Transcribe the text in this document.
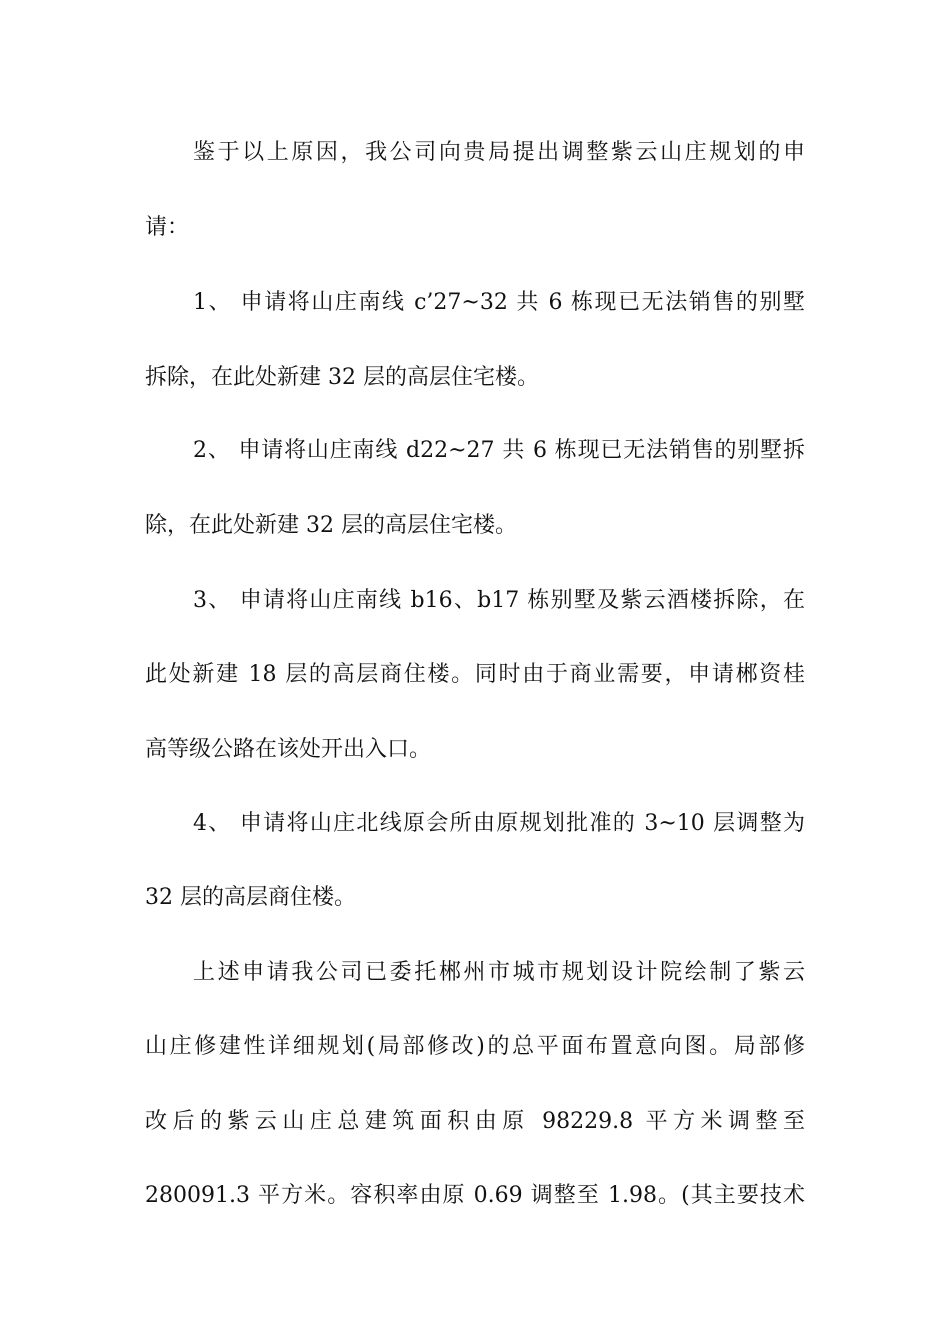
鉴于以上原因，我公司向贵局提出调整紫云山庄规划的申
请：
1、 申请将山庄南线 c’27~32 共 6 栋现已无法销售的别墅
拆除，在此处新建 32 层的高层住宅楼。
2、 申请将山庄南线 d22~27 共 6 栋现已无法销售的别墅拆
除，在此处新建 32 层的高层住宅楼。
3、 申请将山庄南线 b16、b17 栋别墅及紫云酒楼拆除，在
此处新建 18 层的高层商住楼。同时由于商业需要，申请郴资桂
高等级公路在该处开出入口。
4、 申请将山庄北线原会所由原规划批准的 3~10 层调整为
32 层的高层商住楼。
上述申请我公司已委托郴州市城市规划设计院绘制了紫云
山庄修建性详细规划(局部修改)的总平面布置意向图。局部修
改后的紫云山庄总建筑面积由原 98229.8 平方米调整至
280091.3 平方米。容积率由原 0.69 调整至 1.98。(其主要技术
